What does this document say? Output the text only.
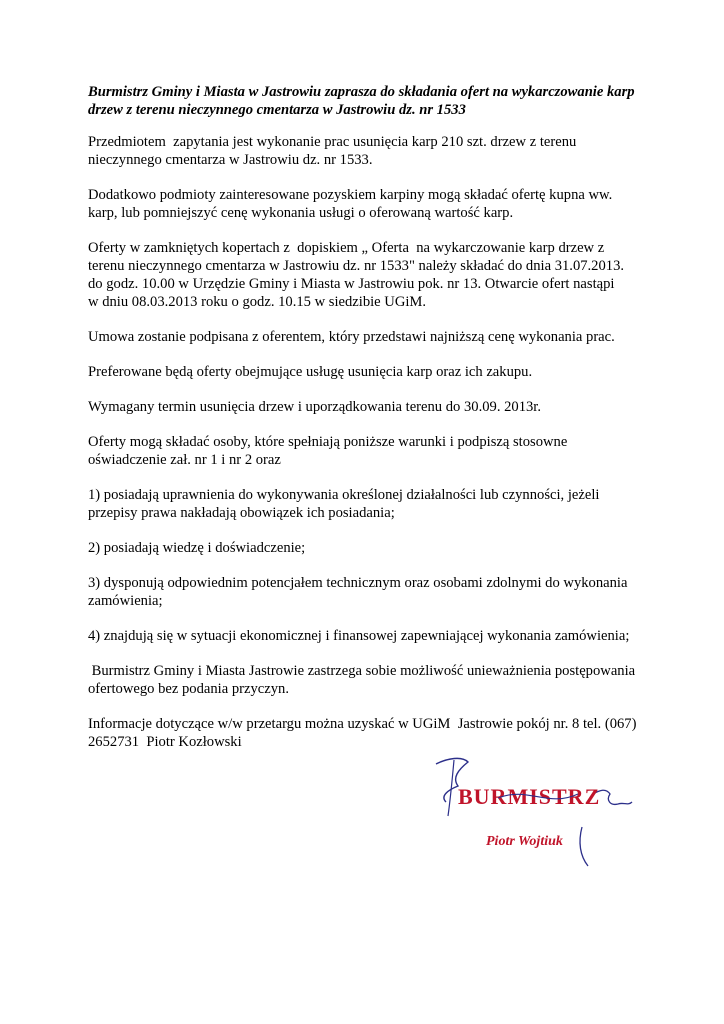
Burmistrz Gminy i Miasta w Jastrowiu zaprasza do składania ofert na wykarczowanie karp drzew z terenu nieczynnego cmentarza w Jastrowiu dz. nr 1533

Przedmiotem  zapytania jest wykonanie prac usunięcia karp 210 szt. drzew z terenu
nieczynnego cmentarza w Jastrowiu dz. nr 1533.

Dodatkowo podmioty zainteresowane pozyskiem karpiny mogą składać ofertę kupna ww.
karp, lub pomniejszyć cenę wykonania usługi o oferowaną wartość karp.

Oferty w zamkniętych kopertach z  dopiskiem „ Oferta  na wykarczowanie karp drzew z
terenu nieczynnego cmentarza w Jastrowiu dz. nr 1533" należy składać do dnia 31.07.2013.
do godz. 10.00 w Urzędzie Gminy i Miasta w Jastrowiu pok. nr 13. Otwarcie ofert nastąpi
w dniu 08.03.2013 roku o godz. 10.15 w siedzibie UGiM.

Umowa zostanie podpisana z oferentem, który przedstawi najniższą cenę wykonania prac.

Preferowane będą oferty obejmujące usługę usunięcia karp oraz ich zakupu.

Wymagany termin usunięcia drzew i uporządkowania terenu do 30.09. 2013r.

Oferty mogą składać osoby, które spełniają poniższe warunki i podpiszą stosowne
oświadczenie zał. nr 1 i nr 2 oraz

1) posiadają uprawnienia do wykonywania określonej działalności lub czynności, jeżeli
przepisy prawa nakładają obowiązek ich posiadania;

2) posiadają wiedzę i doświadczenie;

3) dysponują odpowiednim potencjałem technicznym oraz osobami zdolnymi do wykonania
zamówienia;

4) znajdują się w sytuacji ekonomicznej i finansowej zapewniającej wykonania zamówienia;

Burmistrz Gminy i Miasta Jastrowie zastrzega sobie możliwość unieważnienia postępowania
ofertowego bez podania przyczyn.

Informacje dotyczące w/w przetargu można uzyskać w UGiM  Jastrowie pokój nr. 8 tel. (067)
2652731  Piotr Kozłowski

BURMISTRZ
Piotr Wojtiuk
